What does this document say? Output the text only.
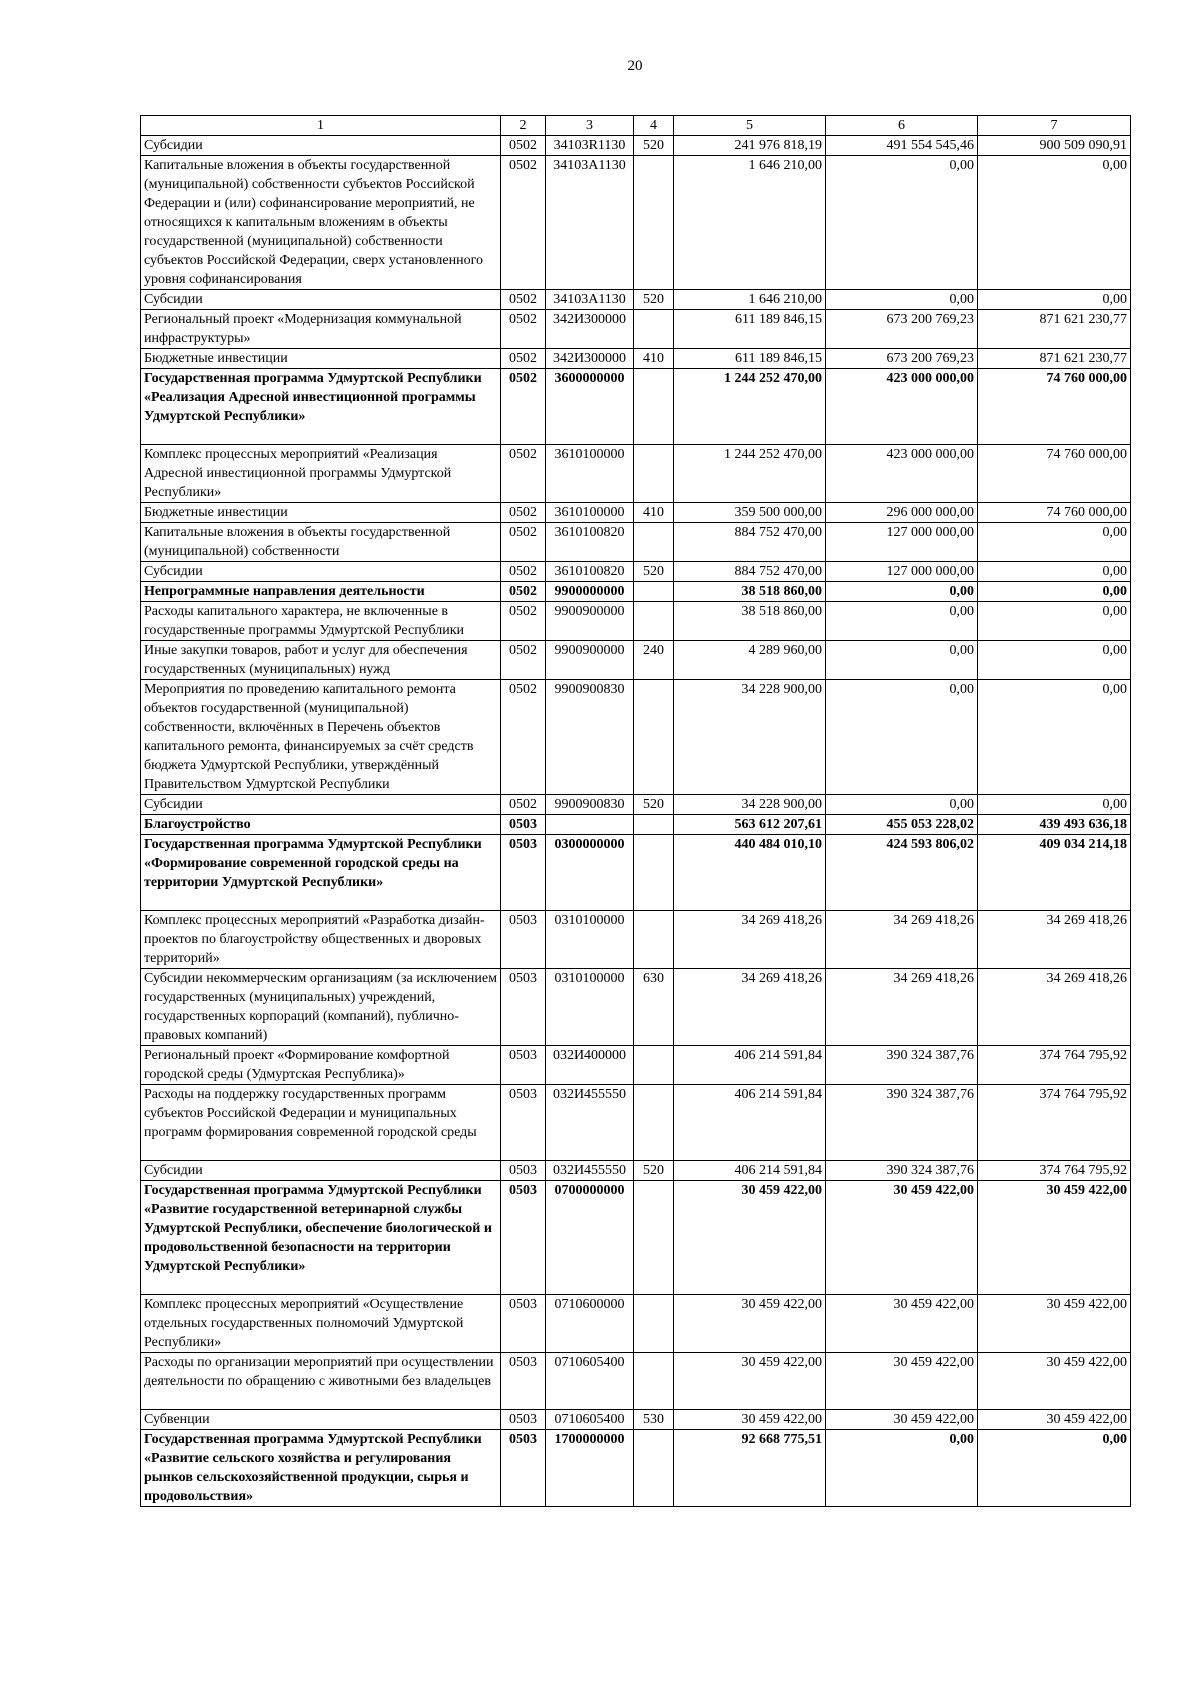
20
1	2	3	4	5	6	7
Субсидии	0502	34103R1130	520	241 976 818,19	491 554 545,46	900 509 090,91
Капитальные вложения в объекты государственной (муниципальной) собственности субъектов Российской Федерации и (или) софинансирование мероприятий, не относящихся к капитальным вложениям в объекты государственной (муниципальной) собственности субъектов Российской Федерации, сверх установленного уровня софинансирования	0502	34103A1130		1 646 210,00	0,00	0,00
Субсидии	0502	34103A1130	520	1 646 210,00	0,00	0,00
Региональный проект «Модернизация коммунальной инфраструктуры»	0502	342И300000		611 189 846,15	673 200 769,23	871 621 230,77
Бюджетные инвестиции	0502	342И300000	410	611 189 846,15	673 200 769,23	871 621 230,77
Государственная программа Удмуртской Республики «Реализация Адресной инвестиционной программы Удмуртской Республики»	0502	3600000000		1 244 252 470,00	423 000 000,00	74 760 000,00
Комплекс процессных мероприятий «Реализация Адресной инвестиционной программы Удмуртской Республики»	0502	3610100000		1 244 252 470,00	423 000 000,00	74 760 000,00
Бюджетные инвестиции	0502	3610100000	410	359 500 000,00	296 000 000,00	74 760 000,00
Капитальные вложения в объекты государственной (муниципальной) собственности	0502	3610100820		884 752 470,00	127 000 000,00	0,00
Субсидии	0502	3610100820	520	884 752 470,00	127 000 000,00	0,00
Непрограммные направления деятельности	0502	9900000000		38 518 860,00	0,00	0,00
Расходы капитального характера, не включенные в государственные программы Удмуртской Республики	0502	9900900000		38 518 860,00	0,00	0,00
Иные закупки товаров, работ и услуг для обеспечения государственных (муниципальных) нужд	0502	9900900000	240	4 289 960,00	0,00	0,00
Мероприятия по проведению капитального ремонта объектов государственной (муниципальной) собственности, включённых в Перечень объектов капитального ремонта, финансируемых за счёт средств бюджета Удмуртской Республики, утверждённый Правительством Удмуртской Республики	0502	9900900830		34 228 900,00	0,00	0,00
Субсидии	0502	9900900830	520	34 228 900,00	0,00	0,00
Благоустройство	0503			563 612 207,61	455 053 228,02	439 493 636,18
Государственная программа Удмуртской Республики «Формирование современной городской среды на территории Удмуртской Республики»	0503	0300000000		440 484 010,10	424 593 806,02	409 034 214,18
Комплекс процессных мероприятий «Разработка дизайн-проектов по благоустройству общественных и дворовых территорий»	0503	0310100000		34 269 418,26	34 269 418,26	34 269 418,26
Субсидии некоммерческим организациям (за исключением государственных (муниципальных) учреждений, государственных корпораций (компаний), публично-правовых компаний)	0503	0310100000	630	34 269 418,26	34 269 418,26	34 269 418,26
Региональный проект «Формирование комфортной городской среды (Удмуртская Республика)»	0503	032И400000		406 214 591,84	390 324 387,76	374 764 795,92
Расходы на поддержку государственных программ субъектов Российской Федерации и муниципальных программ формирования современной городской среды	0503	032И455550		406 214 591,84	390 324 387,76	374 764 795,92
Субсидии	0503	032И455550	520	406 214 591,84	390 324 387,76	374 764 795,92
Государственная программа Удмуртской Республики «Развитие государственной ветеринарной службы Удмуртской Республики, обеспечение биологической и продовольственной безопасности на территории Удмуртской Республики»	0503	0700000000		30 459 422,00	30 459 422,00	30 459 422,00
Комплекс процессных мероприятий «Осуществление отдельных государственных полномочий Удмуртской Республики»	0503	0710600000		30 459 422,00	30 459 422,00	30 459 422,00
Расходы по организации мероприятий при осуществлении деятельности по обращению с животными без владельцев	0503	0710605400		30 459 422,00	30 459 422,00	30 459 422,00
Субвенции	0503	0710605400	530	30 459 422,00	30 459 422,00	30 459 422,00
Государственная программа Удмуртской Республики «Развитие сельского хозяйства и регулирования рынков сельскохозяйственной продукции, сырья и продовольствия»	0503	1700000000		92 668 775,51	0,00	0,00
